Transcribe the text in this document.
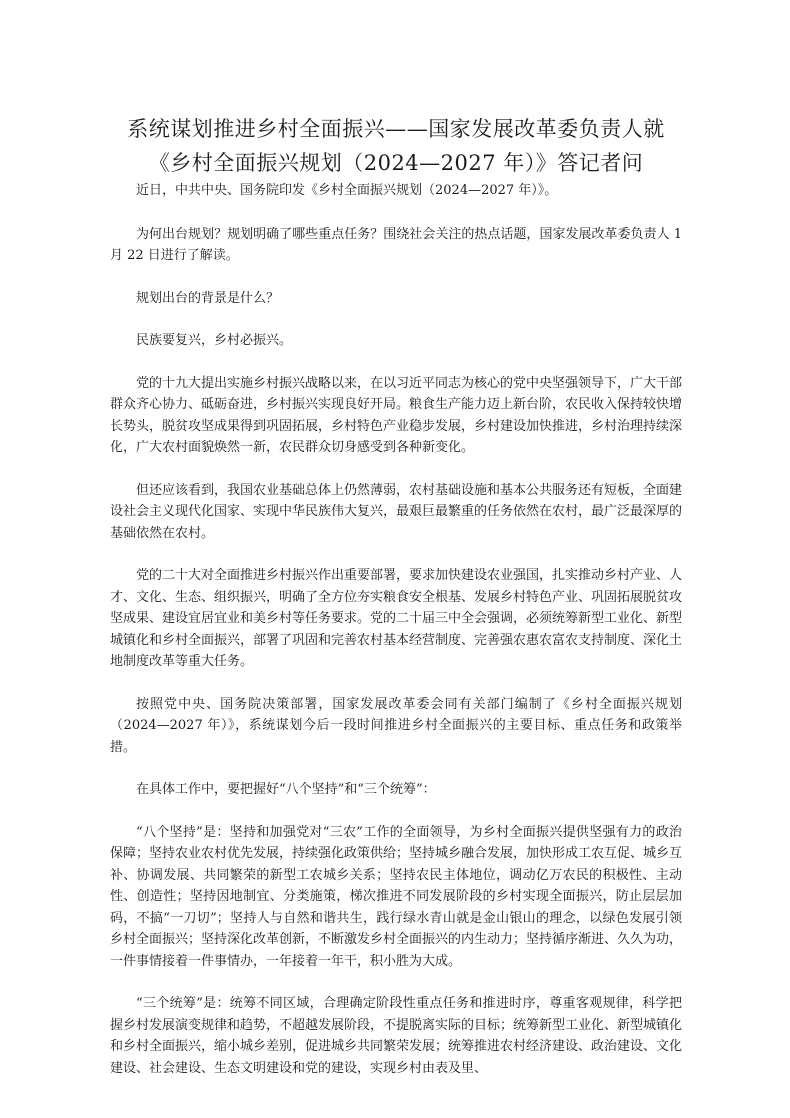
系统谋划推进乡村全面振兴——国家发展改革委负责人就
《乡村全面振兴规划（2024—2027 年）》答记者问

近日，中共中央、国务院印发《乡村全面振兴规划（2024—2027 年）》。

为何出台规划？规划明确了哪些重点任务？围绕社会关注的热点话题，国家发展改革委负责人 1 月 22 日进行了解读。

规划出台的背景是什么？

民族要复兴，乡村必振兴。

党的十九大提出实施乡村振兴战略以来，在以习近平同志为核心的党中央坚强领导下，广大干部群众齐心协力、砥砺奋进，乡村振兴实现良好开局。粮食生产能力迈上新台阶，农民收入保持较快增长势头，脱贫攻坚成果得到巩固拓展，乡村特色产业稳步发展，乡村建设加快推进，乡村治理持续深化，广大农村面貌焕然一新，农民群众切身感受到各种新变化。

但还应该看到，我国农业基础总体上仍然薄弱，农村基础设施和基本公共服务还有短板，全面建设社会主义现代化国家、实现中华民族伟大复兴，最艰巨最繁重的任务依然在农村，最广泛最深厚的基础依然在农村。

党的二十大对全面推进乡村振兴作出重要部署，要求加快建设农业强国，扎实推动乡村产业、人才、文化、生态、组织振兴，明确了全方位夯实粮食安全根基、发展乡村特色产业、巩固拓展脱贫攻坚成果、建设宜居宜业和美乡村等任务要求。党的二十届三中全会强调，必须统筹新型工业化、新型城镇化和乡村全面振兴，部署了巩固和完善农村基本经营制度、完善强农惠农富农支持制度、深化土地制度改革等重大任务。

按照党中央、国务院决策部署，国家发展改革委会同有关部门编制了《乡村全面振兴规划（2024—2027 年）》，系统谋划今后一段时间推进乡村全面振兴的主要目标、重点任务和政策举措。

在具体工作中，要把握好“八个坚持”和“三个统筹”：

“八个坚持”是：坚持和加强党对“三农”工作的全面领导，为乡村全面振兴提供坚强有力的政治保障；坚持农业农村优先发展，持续强化政策供给；坚持城乡融合发展，加快形成工农互促、城乡互补、协调发展、共同繁荣的新型工农城乡关系；坚持农民主体地位，调动亿万农民的积极性、主动性、创造性；坚持因地制宜、分类施策，梯次推进不同发展阶段的乡村实现全面振兴，防止层层加码，不搞“一刀切”；坚持人与自然和谐共生，践行绿水青山就是金山银山的理念，以绿色发展引领乡村全面振兴；坚持深化改革创新，不断激发乡村全面振兴的内生动力；坚持循序渐进、久久为功，一件事情接着一件事情办，一年接着一年干，积小胜为大成。

“三个统筹”是：统筹不同区域，合理确定阶段性重点任务和推进时序，尊重客观规律，科学把握乡村发展演变规律和趋势，不超越发展阶段，不提脱离实际的目标；统筹新型工业化、新型城镇化和乡村全面振兴，缩小城乡差别，促进城乡共同繁荣发展；统筹推进农村经济建设、政治建设、文化建设、社会建设、生态文明建设和党的建设，实现乡村由表及里、
